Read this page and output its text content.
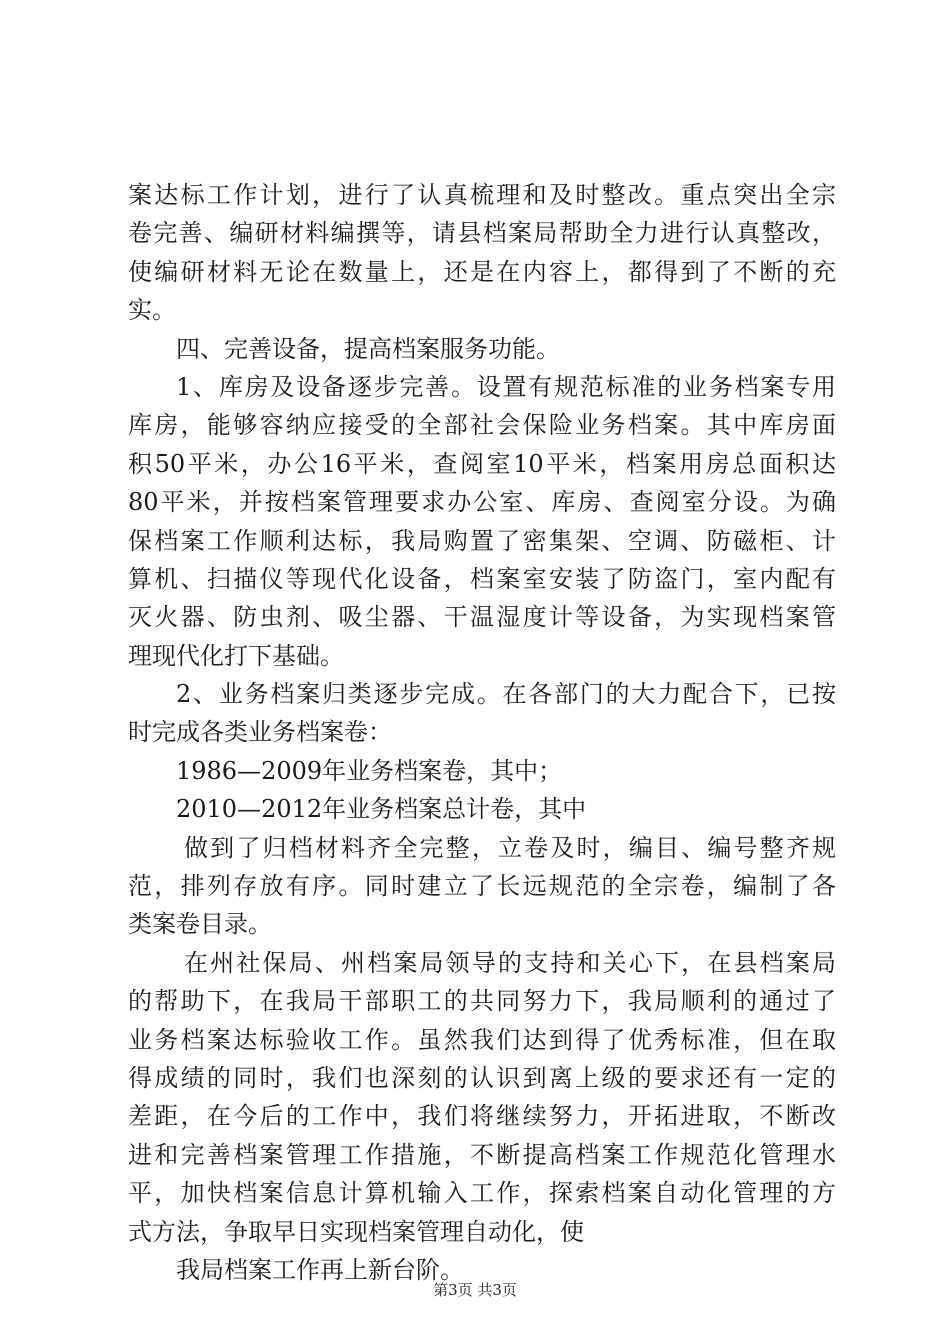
案达标工作计划，进行了认真梳理和及时整改。重点突出全宗
卷完善、编研材料编撰等，请县档案局帮助全力进行认真整改，
使编研材料无论在数量上，还是在内容上，都得到了不断的充
实。
四、完善设备，提高档案服务功能。
1、库房及设备逐步完善。设置有规范标准的业务档案专用
库房，能够容纳应接受的全部社会保险业务档案。其中库房面
积50平米，办公16平米，查阅室10平米，档案用房总面积达
80平米，并按档案管理要求办公室、库房、查阅室分设。为确
保档案工作顺利达标，我局购置了密集架、空调、防磁柜、计
算机、扫描仪等现代化设备，档案室安装了防盗门，室内配有
灭火器、防虫剂、吸尘器、干温湿度计等设备，为实现档案管
理现代化打下基础。
2、业务档案归类逐步完成。在各部门的大力配合下，已按
时完成各类业务档案卷：
1986—2009年业务档案卷，其中；
2010—2012年业务档案总计卷，其中
做到了归档材料齐全完整，立卷及时，编目、编号整齐规
范，排列存放有序。同时建立了长远规范的全宗卷，编制了各
类案卷目录。
在州社保局、州档案局领导的支持和关心下，在县档案局
的帮助下，在我局干部职工的共同努力下，我局顺利的通过了
业务档案达标验收工作。虽然我们达到得了优秀标准，但在取
得成绩的同时，我们也深刻的认识到离上级的要求还有一定的
差距，在今后的工作中，我们将继续努力，开拓进取，不断改
进和完善档案管理工作措施，不断提高档案工作规范化管理水
平，加快档案信息计算机输入工作，探索档案自动化管理的方
式方法，争取早日实现档案管理自动化，使
我局档案工作再上新台阶。
第3页 共3页
